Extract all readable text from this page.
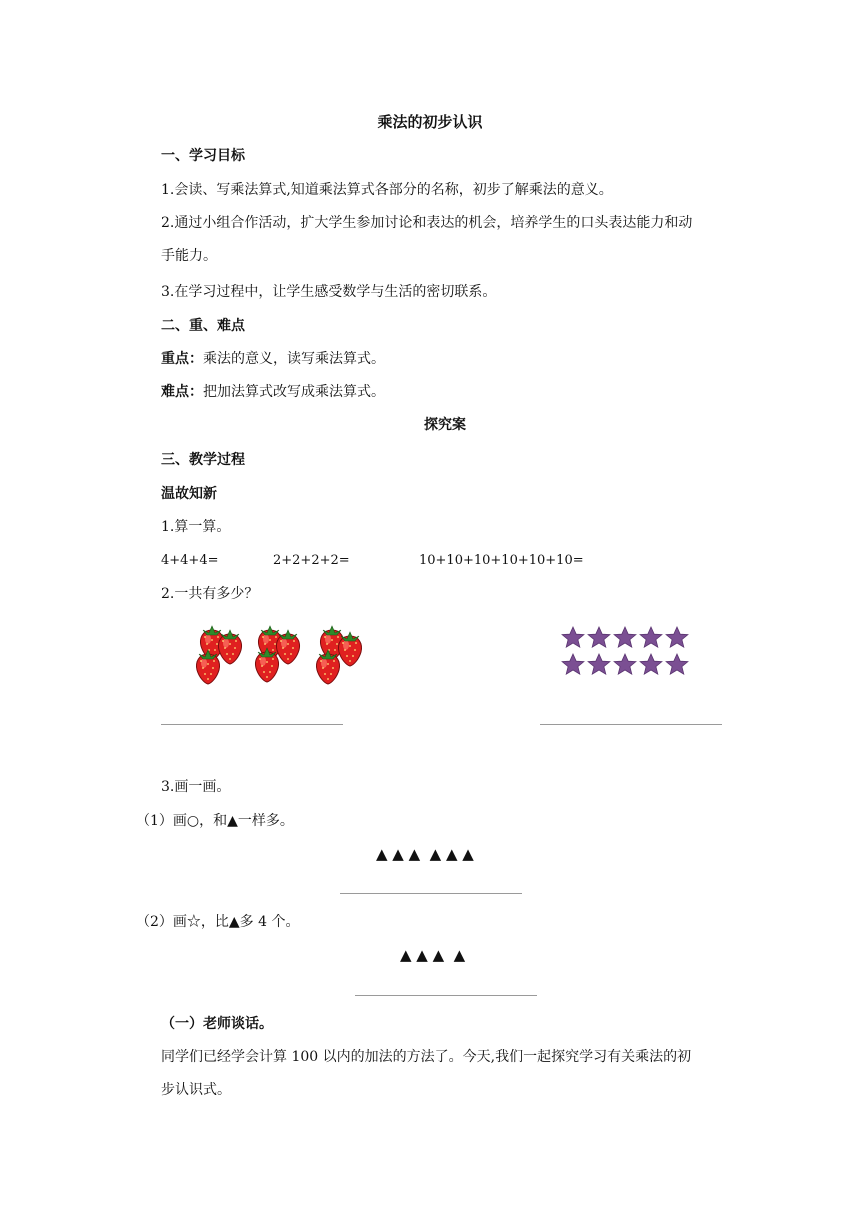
乘法的初步认识
一、学习目标
1.会读、写乘法算式,知道乘法算式各部分的名称，初步了解乘法的意义。
2.通过小组合作活动，扩大学生参加讨论和表达的机会，培养学生的口头表达能力和动
手能力。
3.在学习过程中，让学生感受数学与生活的密切联系。
二、重、难点
重点：乘法的意义，读写乘法算式。
难点：把加法算式改写成乘法算式。
探究案
三、教学过程
温故知新
1.算一算。
4+4+4=	2+2+2+2=	10+10+10+10+10+10=
2.一共有多少？
3.画一画。
（1）画○，和▲一样多。
▲ ▲ ▲  ▲ ▲ ▲
（2）画☆，比▲多 4 个。
▲ ▲ ▲  ▲
（一）老师谈话。
同学们已经学会计算 100 以内的加法的方法了。今天,我们一起探究学习有关乘法的初
步认识式。
